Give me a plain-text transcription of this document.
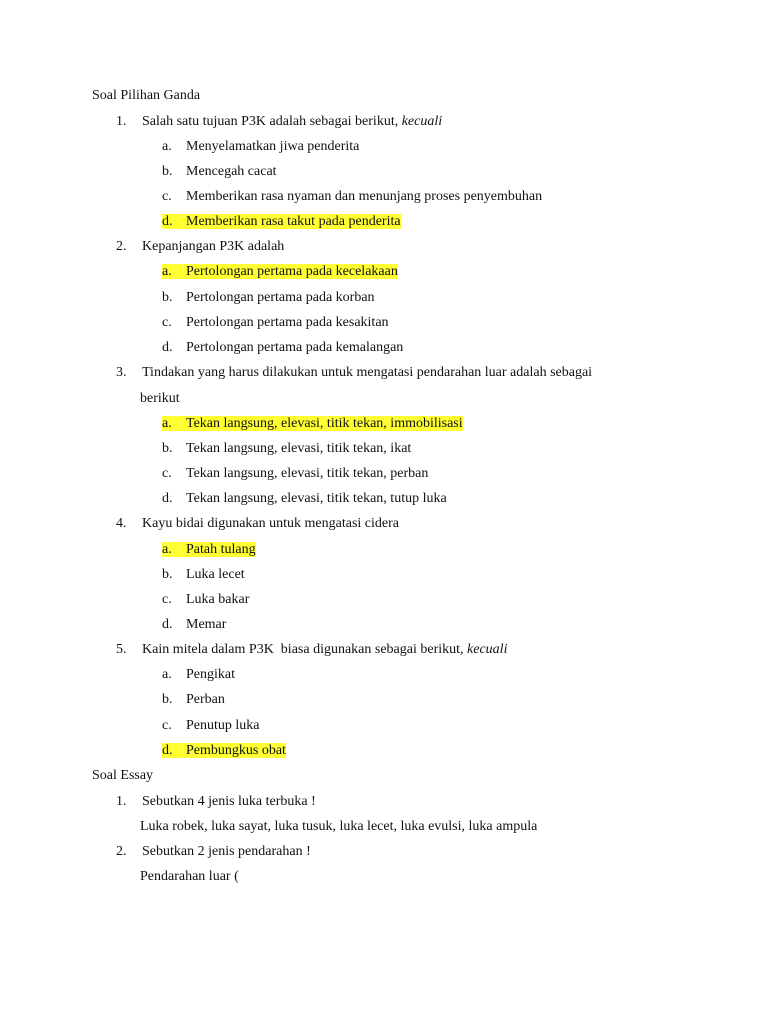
Soal Pilihan Ganda
1. Salah satu tujuan P3K adalah sebagai berikut, kecuali
a. Menyelamatkan jiwa penderita
b. Mencegah cacat
c. Memberikan rasa nyaman dan menunjang proses penyembuhan
d. Memberikan rasa takut pada penderita
2. Kepanjangan P3K adalah
a. Pertolongan pertama pada kecelakaan
b. Pertolongan pertama pada korban
c. Pertolongan pertama pada kesakitan
d. Pertolongan pertama pada kemalangan
3. Tindakan yang harus dilakukan untuk mengatasi pendarahan luar adalah sebagai
berikut
a. Tekan langsung, elevasi, titik tekan, immobilisasi
b. Tekan langsung, elevasi, titik tekan, ikat
c. Tekan langsung, elevasi, titik tekan, perban
d. Tekan langsung, elevasi, titik tekan, tutup luka
4. Kayu bidai digunakan untuk mengatasi cidera
a. Patah tulang
b. Luka lecet
c. Luka bakar
d. Memar
5. Kain mitela dalam P3K  biasa digunakan sebagai berikut, kecuali
a. Pengikat
b. Perban
c. Penutup luka
d. Pembungkus obat
Soal Essay
1. Sebutkan 4 jenis luka terbuka !
Luka robek, luka sayat, luka tusuk, luka lecet, luka evulsi, luka ampula
2. Sebutkan 2 jenis pendarahan !
Pendarahan luar (
